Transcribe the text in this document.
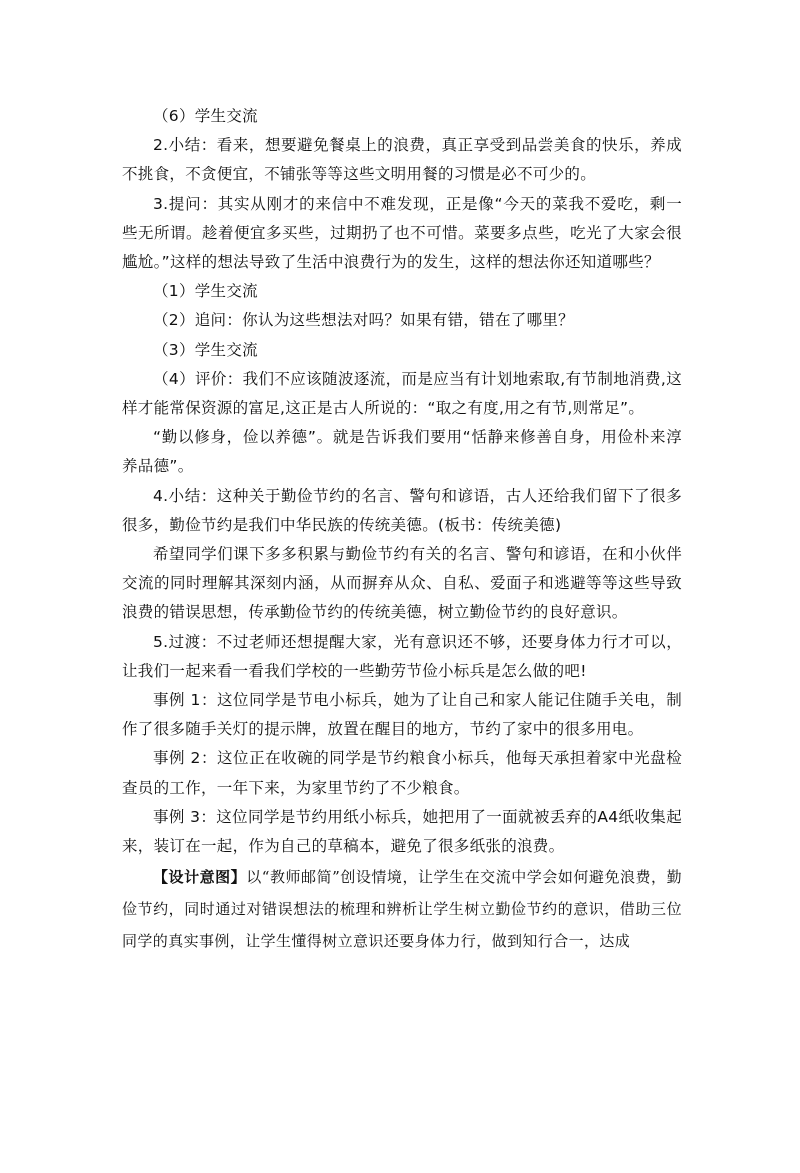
（6）学生交流

2.小结：看来，想要避免餐桌上的浪费，真正享受到品尝美食的快乐，养成不挑食，不贪便宜，不铺张等等这些文明用餐的习惯是必不可少的。

3.提问：其实从刚才的来信中不难发现，正是像“今天的菜我不爱吃，剩一些无所谓。趁着便宜多买些，过期扔了也不可惜。菜要多点些，吃光了大家会很尴尬。”这样的想法导致了生活中浪费行为的发生，这样的想法你还知道哪些？

（1）学生交流

（2）追问：你认为这些想法对吗？如果有错，错在了哪里？

（3）学生交流

（4）评价：我们不应该随波逐流，而是应当有计划地索取,有节制地消费,这样才能常保资源的富足,这正是古人所说的：“取之有度,用之有节,则常足”。

“勤以修身，俭以养德”。就是告诉我们要用“恬静来修善自身，用俭朴来淳养品德”。

4.小结：这种关于勤俭节约的名言、警句和谚语，古人还给我们留下了很多很多，勤俭节约是我们中华民族的传统美德。(板书：传统美德)

希望同学们课下多多积累与勤俭节约有关的名言、警句和谚语，在和小伙伴交流的同时理解其深刻内涵，从而摒弃从众、自私、爱面子和逃避等等这些导致浪费的错误思想，传承勤俭节约的传统美德，树立勤俭节约的良好意识。

5.过渡：不过老师还想提醒大家，光有意识还不够，还要身体力行才可以，让我们一起来看一看我们学校的一些勤劳节俭小标兵是怎么做的吧!

事例 1：这位同学是节电小标兵，她为了让自己和家人能记住随手关电，制作了很多随手关灯的提示牌，放置在醒目的地方，节约了家中的很多用电。

事例 2：这位正在收碗的同学是节约粮食小标兵，他每天承担着家中光盘检查员的工作，一年下来，为家里节约了不少粮食。

事例 3：这位同学是节约用纸小标兵，她把用了一面就被丢弃的A4纸收集起来，装订在一起，作为自己的草稿本，避免了很多纸张的浪费。

【设计意图】以“教师邮简”创设情境，让学生在交流中学会如何避免浪费，勤俭节约，同时通过对错误想法的梳理和辨析让学生树立勤俭节约的意识，借助三位同学的真实事例，让学生懂得树立意识还要身体力行，做到知行合一，达成
